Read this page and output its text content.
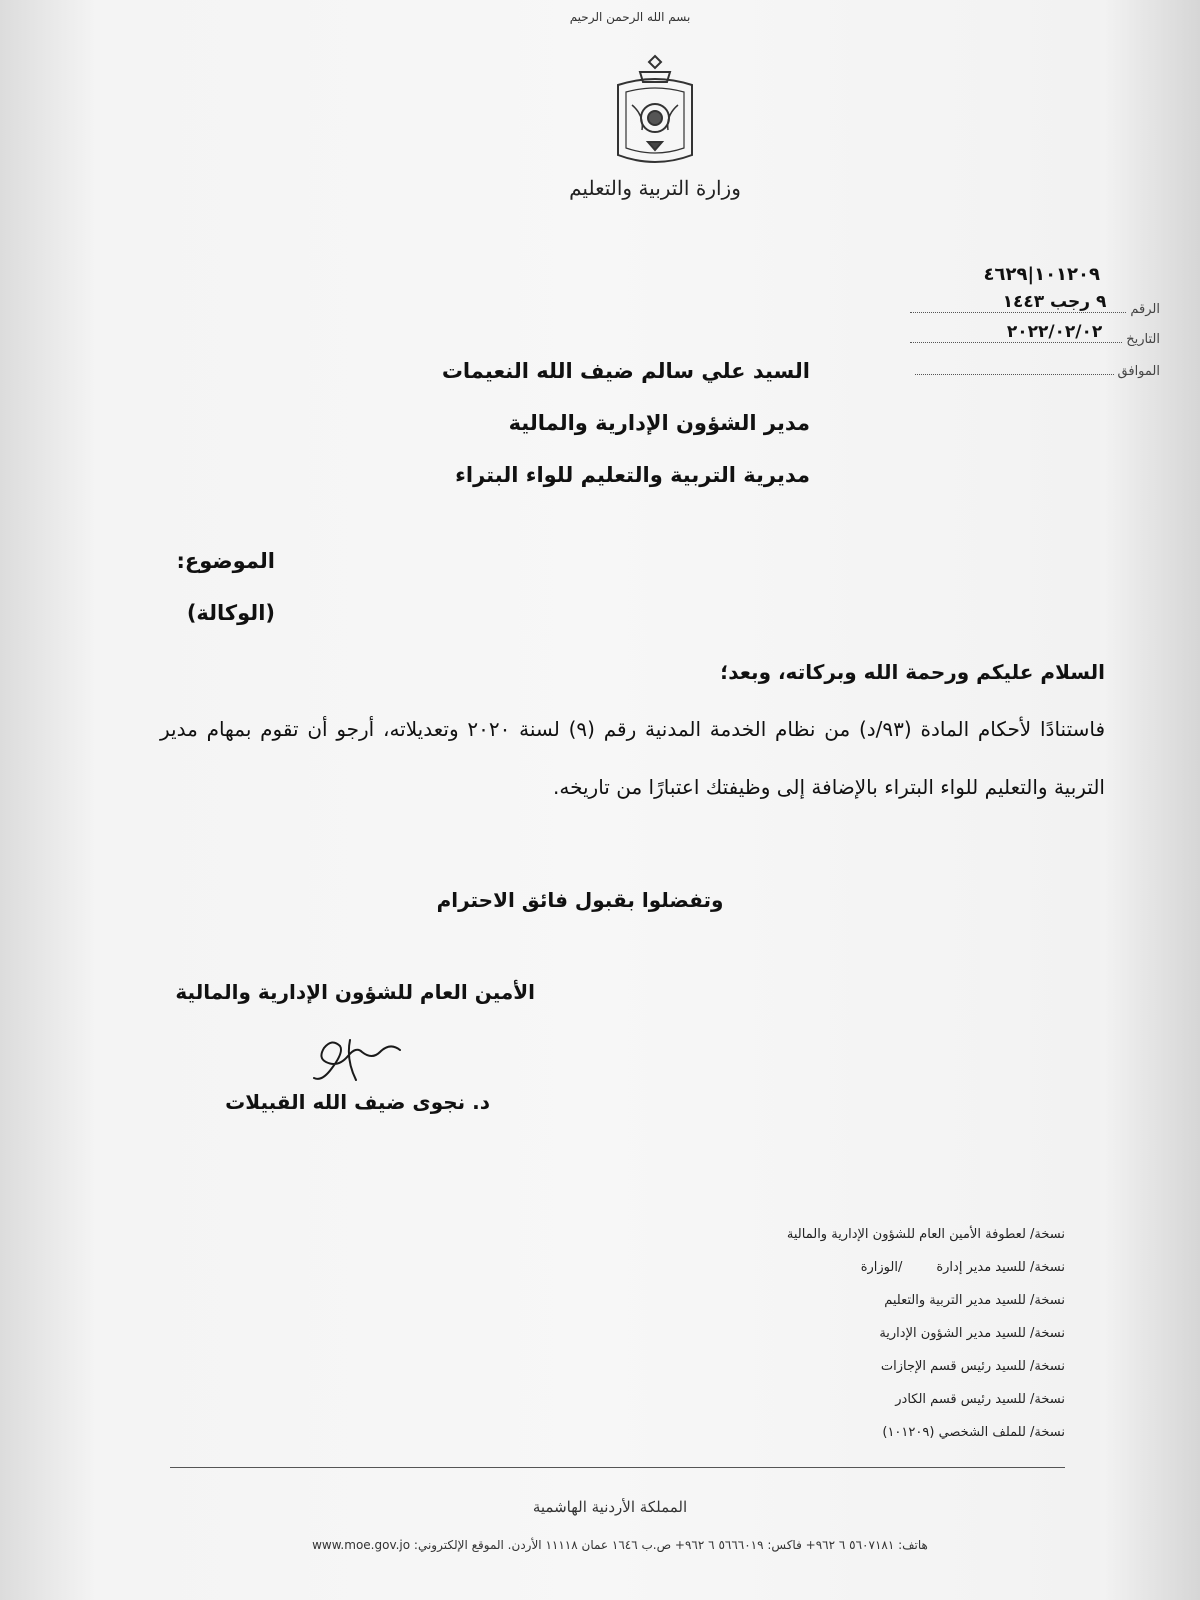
بسم الله الرحمن الرحيم
وزارة التربية والتعليم
١٠١٢٠٩|٤٦٢٩
الرقم
٩ رجب ١٤٤٣
التاريخ
٢٠٢٢/٠٢/٠٢
الموافق
السيد علي سالم ضيف الله النعيمات
مدير الشؤون الإدارية والمالية
مديرية التربية والتعليم للواء البتراء
الموضوع:
(الوكالة)
السلام عليكم ورحمة الله وبركاته، وبعد؛
فاستنادًا لأحكام المادة (٩٣/د) من نظام الخدمة المدنية رقم (٩) لسنة ٢٠٢٠ وتعديلاته، أرجو أن تقوم بمهام مدير التربية والتعليم للواء البتراء بالإضافة إلى وظيفتك اعتبارًا من تاريخه.
وتفضلوا بقبول فائق الاحترام
الأمين العام للشؤون الإدارية والمالية
د. نجوى ضيف الله القبيلات
نسخة/ لعطوفة الأمين العام للشؤون الإدارية والمالية
نسخة/ للسيد مدير إدارة
/الوزارة
نسخة/ للسيد مدير التربية والتعليم
نسخة/ للسيد مدير الشؤون الإدارية
نسخة/ للسيد رئيس قسم الإجازات
نسخة/ للسيد رئيس قسم الكادر
نسخة/ للملف الشخصي (١٠١٢٠٩)
المملكة الأردنية الهاشمية
هاتف: ٥٦٠٧١٨١ ٦ ٩٦٢+ فاكس: ٥٦٦٦٠١٩ ٦ ٩٦٢+ ص.ب ١٦٤٦ عمان ١١١١٨ الأردن. الموقع الإلكتروني: www.moe.gov.jo
